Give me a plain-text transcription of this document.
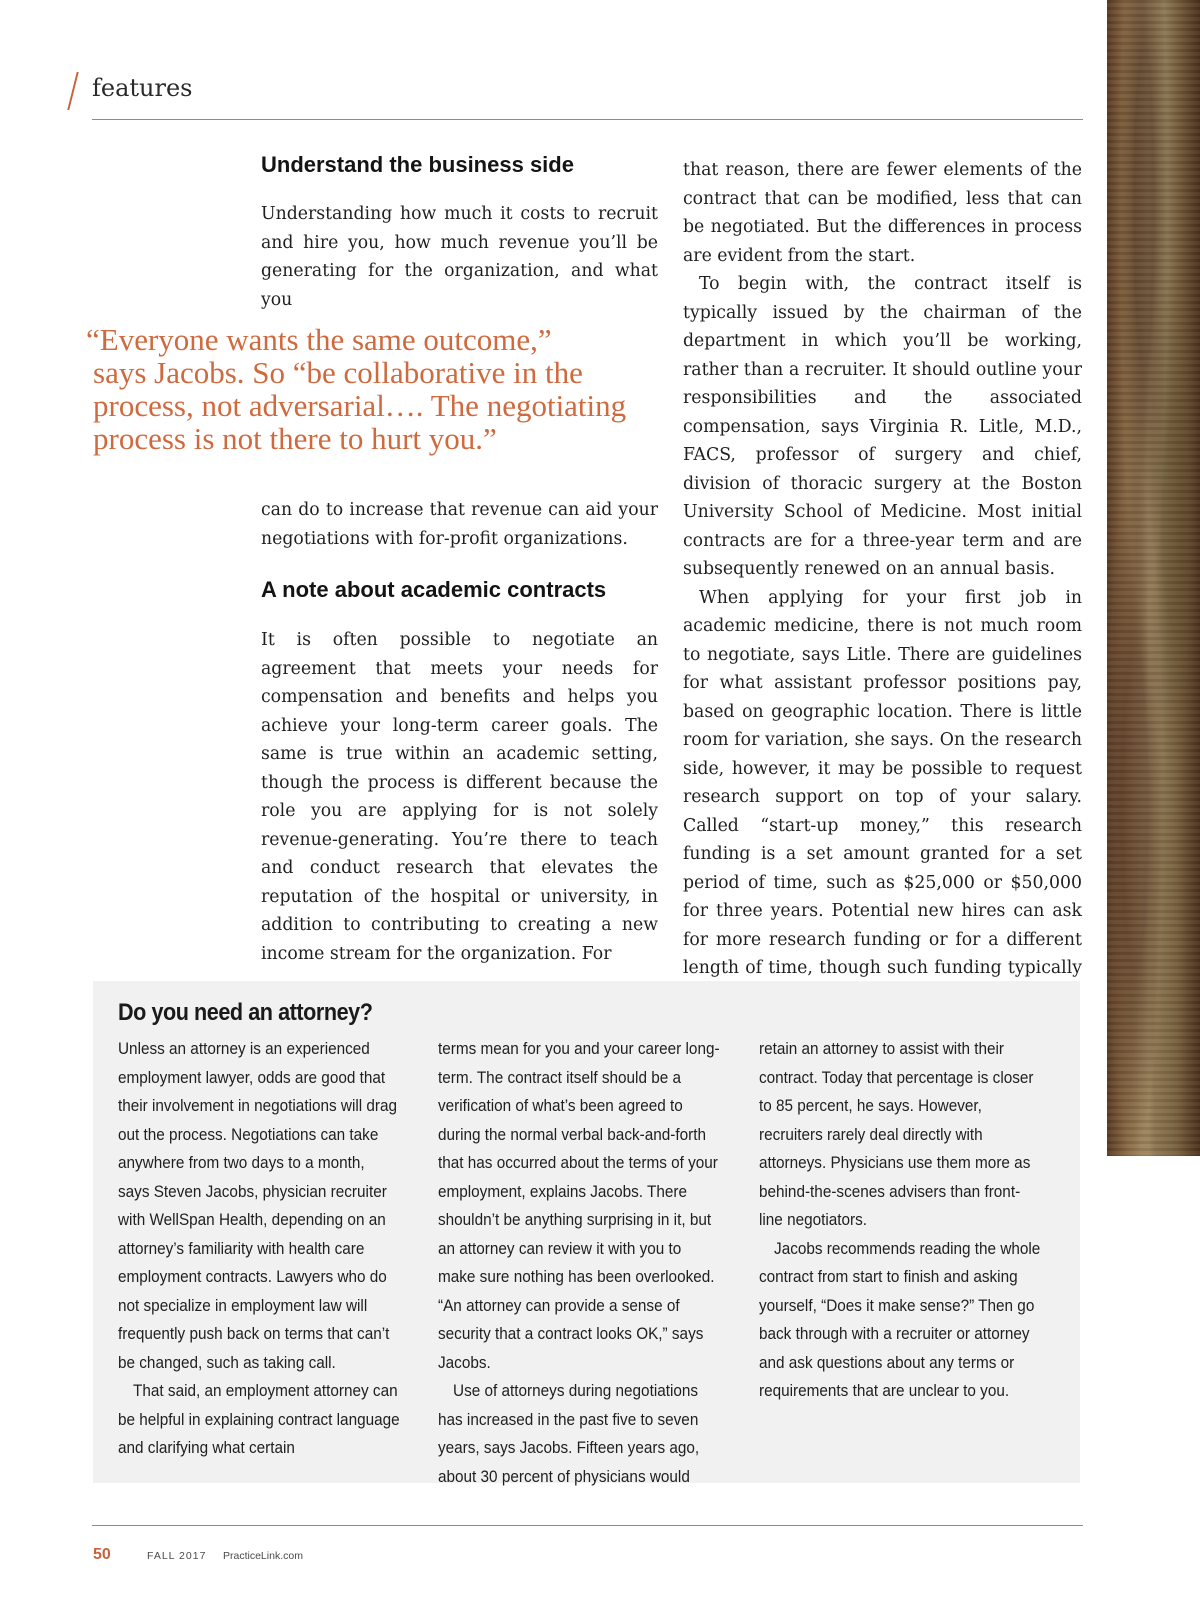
features
Understand the business side

Understanding how much it costs to recruit and hire you, how much revenue you’ll be generating for the organization, and what you

“Everyone wants the same outcome,”
says Jacobs. So “be collaborative in the
process, not adversarial…. The negotiating
process is not there to hurt you.”

can do to increase that revenue can aid your negotiations with for-profit organizations.

A note about academic contracts

It is often possible to negotiate an agreement that meets your needs for compensation and benefits and helps you achieve your long-term career goals. The same is true within an academic setting, though the process is different because the role you are applying for is not solely revenue-generating. You’re there to teach and conduct research that elevates the reputation of the hospital or university, in addition to contributing to creating a new income stream for the organization. For

that reason, there are fewer elements of the contract that can be modified, less that can be negotiated. But the differences in process are evident from the start.

To begin with, the contract itself is typically issued by the chairman of the department in which you’ll be working, rather than a recruiter. It should outline your responsibilities and the associated compensation, says Virginia R. Litle, M.D., FACS, professor of surgery and chief, division of thoracic surgery at the Boston University School of Medicine. Most initial contracts are for a three-year term and are subsequently renewed on an annual basis.

When applying for your first job in academic medicine, there is not much room to negotiate, says Litle. There are guidelines for what assistant professor positions pay, based on geographic location. There is little room for variation, she says. On the research side, however, it may be possible to request research support on top of your salary. Called “start-up money,” this research funding is a set amount granted for a set period of time, such as $25,000 or $50,000 for three years. Potential new hires can ask for more research funding or for a different length of time, though such funding typically

Do you need an attorney?

Unless an attorney is an experienced employment lawyer, odds are good that their involvement in negotiations will drag out the process. Negotiations can take anywhere from two days to a month, says Steven Jacobs, physician recruiter with WellSpan Health, depending on an attorney’s familiarity with health care employment contracts. Lawyers who do not specialize in employment law will frequently push back on terms that can’t be changed, such as taking call.

That said, an employment attorney can be helpful in explaining contract language and clarifying what certain

terms mean for you and your career long-term. The contract itself should be a verification of what’s been agreed to during the normal verbal back-and-forth that has occurred about the terms of your employment, explains Jacobs. There shouldn’t be anything surprising in it, but an attorney can review it with you to make sure nothing has been overlooked. “An attorney can provide a sense of security that a contract looks OK,” says Jacobs.

Use of attorneys during negotiations has increased in the past five to seven years, says Jacobs. Fifteen years ago, about 30 percent of physicians would

retain an attorney to assist with their contract. Today that percentage is closer to 85 percent, he says. However, recruiters rarely deal directly with attorneys. Physicians use them more as behind-the-scenes advisers than front-line negotiators.

Jacobs recommends reading the whole contract from start to finish and asking yourself, “Does it make sense?” Then go back through with a recruiter or attorney and ask questions about any terms or requirements that are unclear to you.

50	FALL 2017 PracticeLink.com
